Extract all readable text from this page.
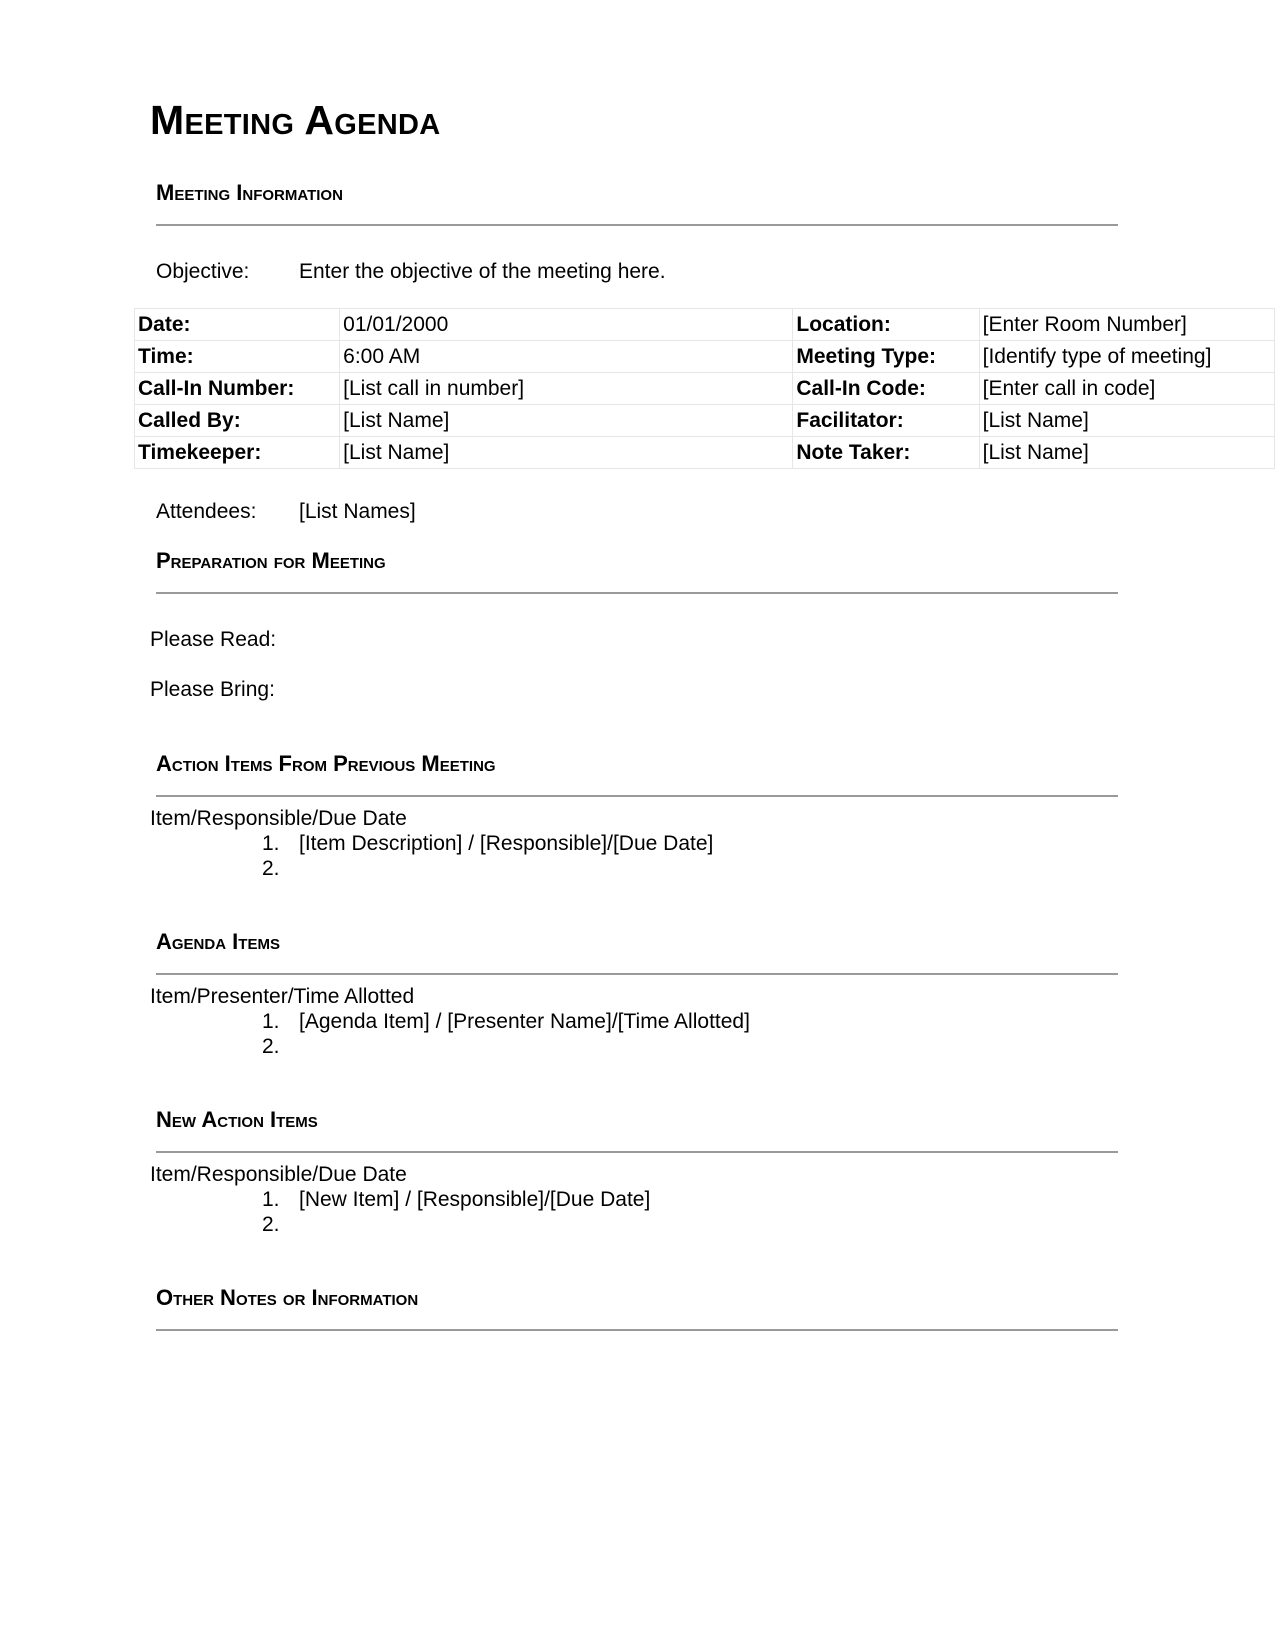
Meeting Agenda
Meeting Information
Objective: Enter the objective of the meeting here.
Date:	01/01/2000	Location:	[Enter Room Number]
Time:	6:00 AM	Meeting Type:	[Identify type of meeting]
Call-In Number:	[List call in number]	Call-In Code:	[Enter call in code]
Called By:	[List Name]	Facilitator:	[List Name]
Timekeeper:	[List Name]	Note Taker:	[List Name]
Attendees: [List Names]
Preparation for Meeting
Please Read:
Please Bring:
Action Items From Previous Meeting
Item/Responsible/Due Date
1. [Item Description] / [Responsible]/[Due Date]
2.
Agenda Items
Item/Presenter/Time Allotted
1. [Agenda Item] / [Presenter Name]/[Time Allotted]
2.
New Action Items
Item/Responsible/Due Date
1. [New Item] / [Responsible]/[Due Date]
2.
Other Notes or Information
